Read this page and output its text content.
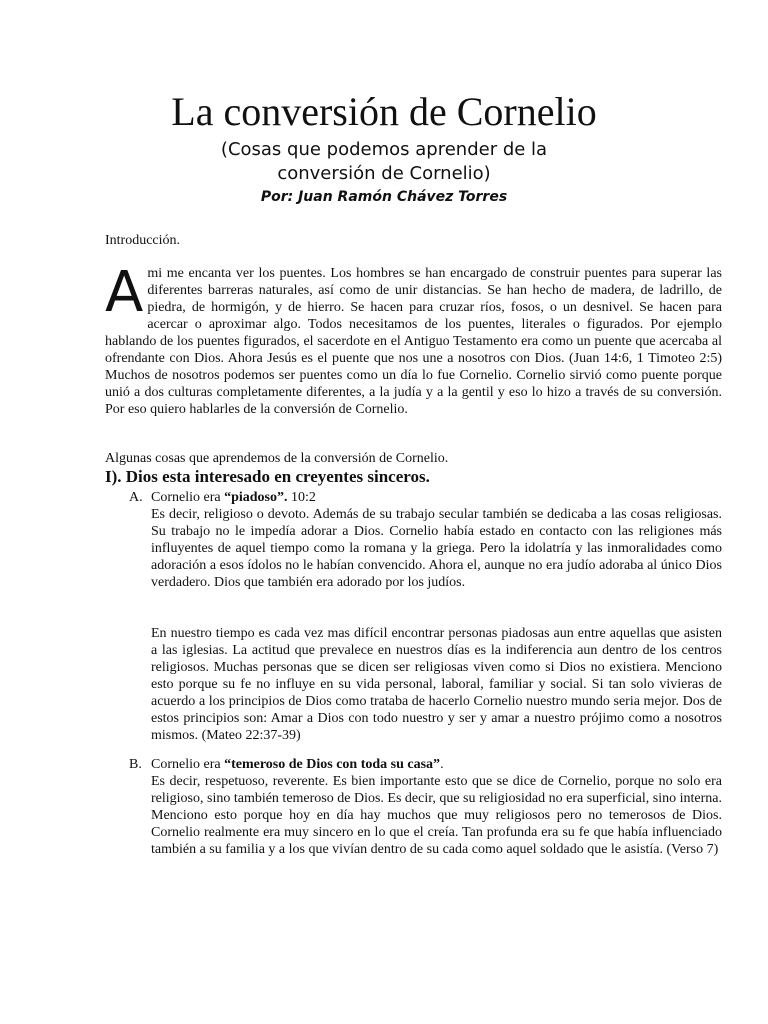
La conversión de Cornelio
(Cosas que podemos aprender de la
conversión de Cornelio)
Por: Juan Ramón Chávez Torres
Introducción.

A mi me encanta ver los puentes. Los hombres se han encargado de construir puentes para superar las diferentes barreras naturales, así como de unir distancias. Se han hecho de madera, de ladrillo, de piedra, de hormigón, y de hierro. Se hacen para cruzar ríos, fosos, o un desnivel. Se hacen para acercar o aproximar algo. Todos necesitamos de los puentes, literales o figurados. Por ejemplo hablando de los puentes figurados, el sacerdote en el Antiguo Testamento era como un puente que acercaba al ofrendante con Dios. Ahora Jesús es el puente que nos une a nosotros con Dios. (Juan 14:6, 1 Timoteo 2:5) Muchos de nosotros podemos ser puentes como un día lo fue Cornelio. Cornelio sirvió como puente porque unió a dos culturas completamente diferentes, a la judía y a la gentil y eso lo hizo a través de su conversión. Por eso quiero hablarles de la conversión de Cornelio.

Algunas cosas que aprendemos de la conversión de Cornelio.
I). Dios esta interesado en creyentes sinceros.
A. Cornelio era “piadoso”. 10:2

Es decir, religioso o devoto. Además de su trabajo secular también se dedicaba a las cosas religiosas. Su trabajo no le impedía adorar a Dios. Cornelio había estado en contacto con las religiones más influyentes de aquel tiempo como la romana y la griega. Pero la idolatría y las inmoralidades como adoración a esos ídolos no le habían convencido. Ahora el, aunque no era judío adoraba al único Dios verdadero. Dios que también era adorado por los judíos.

En nuestro tiempo es cada vez mas difícil encontrar personas piadosas aun entre aquellas que asisten a las iglesias. La actitud que prevalece en nuestros días es la indiferencia aun dentro de los centros religiosos. Muchas personas que se dicen ser religiosas viven como si Dios no existiera. Menciono esto porque su fe no influye en su vida personal, laboral, familiar y social. Si tan solo vivieras de acuerdo a los principios de Dios como trataba de hacerlo Cornelio nuestro mundo seria mejor. Dos de estos principios son: Amar a Dios con todo nuestro y ser y amar a nuestro prójimo como a nosotros mismos. (Mateo 22:37-39)

B. Cornelio era “temeroso de Dios con toda su casa”.

Es decir, respetuoso, reverente. Es bien importante esto que se dice de Cornelio, porque no solo era religioso, sino también temeroso de Dios. Es decir, que su religiosidad no era superficial, sino interna. Menciono esto porque hoy en día hay muchos que muy religiosos pero no temerosos de Dios. Cornelio realmente era muy sincero en lo que el creía. Tan profunda era su fe que había influenciado también a su familia y a los que vivían dentro de su cada como aquel soldado que le asistía. (Verso 7)
